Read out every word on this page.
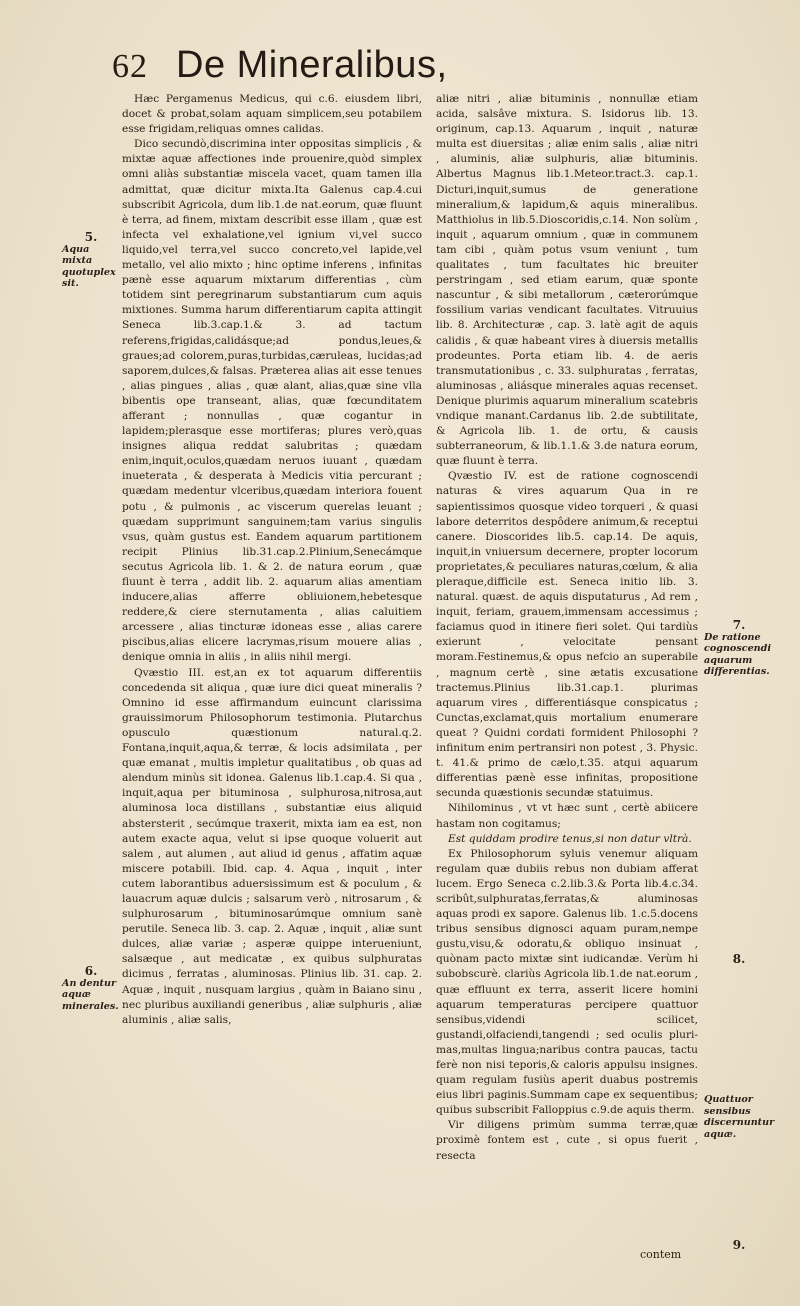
62 De Mineralibus,
5.
Aqua mixta quotuplex sit.
6.
An dentur aquæ minerales.
7.
De ratione cognoscendi aquarum differentias.
8.
Quattuor sensibus discernuntur aquæ.
9.

Hæc Pergamenus Medicus, qui c.6. eiusdem libri, docet & probat,solam aquam simplicem,seu potabilem esse frigidam,reliquas omnes calidas.

Dico secundò,discrimina inter oppositas simplicis , & mixtæ aquæ affectiones inde prouenire,quòd simplex omni aliàs substantiæ miscela vacet, quam tamen illa admittat, quæ dicitur mixta.Ita Galenus cap.4.cui subscribit Agricola, dum lib.1.de nat.eorum, quæ fluunt è terra, ad finem, mixtam describit esse illam , quæ est infecta vel exhalatione,vel ignium vi,vel succo liquido,vel terra,vel succo concreto,vel lapide,vel metallo, vel alio mixto ; hinc optime inferens , infinitas pænè esse aquarum mixtarum differentias , cùm totidem sint peregrinarum substantiarum cum aquis mixtiones. Summa harum differentiarum capita attingit Seneca lib.3.cap.1.& 3. ad tactum referens,frigidas,calidásque;ad pondus,leues,& graues;ad colorem,puras,turbidas,cæruleas, lucidas;ad saporem,dulces,& falsas. Præterea alias ait esse tenues , alias pingues , alias , quæ alant, alias,quæ sine vlla bibentis ope transeant, alias, quæ fœcunditatem afferant ; nonnullas , quæ cogantur in lapidem;plerasque esse mortiferas; plures verò,quas insignes aliqua reddat salubritas ; quædam enim,inquit,oculos,quædam neruos iuuant , quædam inueterata , & desperata à Medicis vitia percurant ; quædam medentur vlceribus,quædam interiora fouent potu , & pulmonis , ac viscerum querelas leuant ; quædam supprimunt sanguinem;tam varius singulis vsus, quàm gustus est. Eandem aquarum partitionem recipit Plinius lib.31.cap.2.Plinium,Senecámque secutus Agricola lib. 1. & 2. de natura eorum , quæ fluunt è terra , addit lib. 2. aquarum alias amentiam inducere,alias afferre obliuionem,hebetesque reddere,& ciere sternutamenta , alias caluitiem arcessere , alias tincturæ idoneas esse , alias carere piscibus,alias elicere lacrymas,risum mouere alias , denique omnia in aliis , in aliis nihil mergi.

Qvæstio III. est,an ex tot aquarum differentiis concedenda sit aliqua , quæ iure dici queat mineralis ? Omnino id esse affirmandum euincunt clarissima grauissimorum Philosophorum testimonia. Plutarchus opusculo quæstionum natural.q.2. Fontana,inquit,aqua,& terræ, & locis adsimilata , per quæ emanat , multis impletur qualitatibus , ob quas ad alendum minùs sit idonea. Galenus lib.1.cap.4. Si qua , inquit,aqua per bituminosa , sulphurosa,nitrosa,aut aluminosa loca distillans , substantiæ eius aliquid abstersterit , secúmque traxerit, mixta iam ea est, non autem exacte aqua, velut si ipse quoque voluerit aut salem , aut alumen , aut aliud id genus , affatim aquæ miscere potabili. Ibid. cap. 4. Aqua , inquit , inter cutem laborantibus aduersissimum est & poculum , & lauacrum aquæ dulcis ; salsarum verò , nitrosarum , & sulphurosarum , bituminosarúmque omnium sanè perutile. Seneca lib. 3. cap. 2. Aquæ , inquit , aliæ sunt dulces, aliæ variæ ; asperæ quippe interueniunt, salsæque , aut medicatæ , ex quibus sulphuratas dicimus , ferratas , aluminosas. Plinius lib. 31. cap. 2. Aquæ , inquit , nusquam largius , quàm in Baiano sinu , nec pluribus auxiliandi generibus , aliæ sulphuris , aliæ aluminis , aliæ salis,

aliæ nitri , aliæ bituminis , nonnullæ etiam acida, salsâve mixtura. S. Isidorus lib. 13. originum, cap.13. Aquarum , inquit , naturæ multa est diuersitas ; aliæ enim salis , aliæ nitri , aluminis, aliæ sulphuris, aliæ bituminis. Albertus Magnus lib.1.Meteor.tract.3. cap.1. Dicturi,inquit,sumus de generatione mineralium,& lapidum,& aquis mineralibus. Matthiolus in lib.5.Dioscoridis,c.14. Non solùm , inquit , aquarum omnium , quæ in communem tam cibi , quàm potus vsum veniunt , tum qualitates , tum facultates hic breuiter perstringam , sed etiam earum, quæ sponte nascuntur , & sibi metallorum , cæterorúmque fossilium varias vendicant facultates. Vitruuius lib. 8. Architecturæ , cap. 3. latè agit de aquis calidis , & quæ habeant vires à diuersis metallis prodeuntes. Porta etiam lib. 4. de aeris transmutationibus , c. 33. sulphuratas , ferratas, aluminosas , aliásque minerales aquas recenset. Denique plurimis aquarum mineralium scatebris vndique manant.Cardanus lib. 2.de subtilitate, & Agricola lib. 1. de ortu, & causis subterraneorum, & lib.1.1.& 3.de natura eorum, quæ fluunt è terra.

Qvæstio IV. est de ratione cognoscendi naturas & vires aquarum Qua in re sapientissimos quosque video torqueri , & quasi labore deterritos despôdere animum,& receptui canere. Dioscorides lib.5. cap.14. De aquis, inquit,in vniuersum decernere, propter locorum proprietates,& peculiares naturas,cœlum, & alia pleraque,difficile est. Seneca initio lib. 3. natural. quæst. de aquis disputaturus , Ad rem , inquit, feriam, grauem,immensam accessimus ; faciamus quod in itinere fieri solet. Qui tardiùs exierunt , velocitate pensant moram.Festinemus,& opus nefcio an superabile , magnum certè , sine ætatis excusatione tractemus.Plinius lib.31.cap.1. plurimas aquarum vires , differentiásque conspicatus ; Cunctas,exclamat,quis mortalium enumerare queat ? Quidni cordati formident Philosophi ? infinitum enim pertransiri non potest , 3. Physic. t. 41.& primo de cælo,t.35. atqui aquarum differentias pænè esse infinitas, propositione secunda quæstionis secundæ statuimus.

Nihilominus , vt vt hæc sunt , certè abiicere hastam non cogitamus;

Est quiddam prodire tenus,si non datur vltrà.

Ex Philosophorum syluis venemur aliquam regulam quæ dubiis rebus non dubiam afferat lucem. Ergo Seneca c.2.lib.3.& Porta lib.4.c.34. scribût,sulphuratas,ferratas,& aluminosas aquas prodi ex sapore. Galenus lib. 1.c.5.docens tribus sensibus dignosci aquam puram,nempe gustu,visu,& odoratu,& obliquo insinuat , quònam pacto mixtæ sint iudicandæ. Verùm hi subobscurè. clariùs Agricola lib.1.de nat.eorum , quæ effluunt ex terra, asserit licere homini aquarum temperaturas percipere quattuor sensibus,videndi scilicet, gustandi,olfaciendi,tangendi ; sed oculis pluri-mas,multas lingua;naribus contra paucas, tactu ferè non nisi teporis,& caloris appulsu insignes. quam regulam fusiùs aperit duabus postremis eius libri paginis.Summam cape ex sequentibus; quibus subscribit Falloppius c.9.de aquis therm.

Vir diligens primùm summa terræ,quæ proximè fontem est , cute , si opus fuerit , resecta

contem
